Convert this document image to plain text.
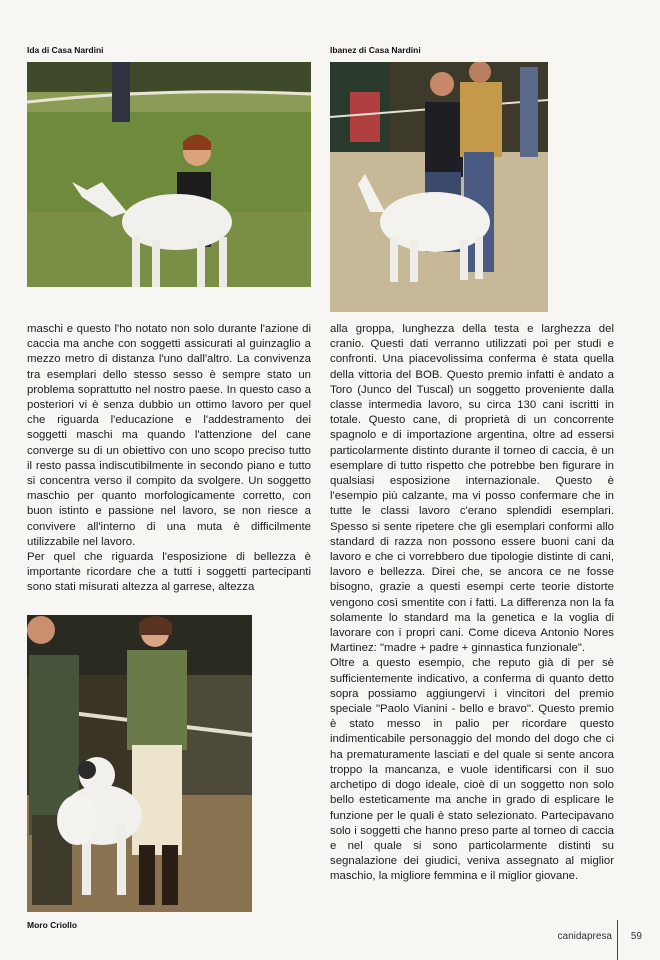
Ida di Casa Nardini	Ibanez di Casa Nardini

maschi e questo l'ho notato non solo durante l'azione di caccia ma anche con soggetti assicurati al guinzaglio a mezzo metro di distanza l'uno dall'altro. La convivenza tra esemplari dello stesso sesso è sempre stato un problema soprattutto nel nostro paese. In questo caso a posteriori vi è senza dubbio un ottimo lavoro per quel che riguarda l'educazione e l'addestramento dei soggetti maschi ma quando l'attenzione del cane converge su di un obiettivo con uno scopo preciso tutto il resto passa indiscutibilmente in secondo piano e tutto si concentra verso il compito da svolgere. Un soggetto maschio per quanto morfologicamente corretto, con buon istinto e passione nel lavoro, se non riesce a convivere all'interno di una muta è difficilmente utilizzabile nel lavoro.

Per quel che riguarda l'esposizione di bellezza è importante ricordare che a tutti i soggetti partecipanti sono stati misurati altezza al garrese, altezza

Moro Criollo

alla groppa, lunghezza della testa e larghezza del cranio. Questi dati verranno utilizzati poi per studi e confronti. Una piacevolissima conferma è stata quella della vittoria del BOB. Questo premio infatti è andato a Toro (Junco del Tuscal) un soggetto proveniente dalla classe intermedia lavoro, su circa 130 cani iscritti in totale. Questo cane, di proprietà di un concorrente spagnolo e di importazione argentina, oltre ad essersi particolarmente distinto durante il torneo di caccia, è un esemplare di tutto rispetto che potrebbe ben figurare in qualsiasi esposizione internazionale. Questo è l'esempio più calzante, ma vi posso confermare che in tutte le classi lavoro c'erano splendidi esemplari. Spesso si sente ripetere che gli esemplari conformi allo standard di razza non possono essere buoni cani da lavoro e che ci vorrebbero due tipologie distinte di cani, lavoro e bellezza. Direi che, se ancora ce ne fosse bisogno, grazie a questi esempi certe teorie distorte vengono così smentite con i fatti. La differenza non la fa solamente lo standard ma la genetica e la voglia di lavorare con i propri cani. Come diceva Antonio Nores Martinez: "madre + padre + ginnastica funzionale".

Oltre a questo esempio, che reputo già di per sè sufficientemente indicativo, a conferma di quanto detto sopra possiamo aggiungervi i vincitori del premio speciale "Paolo Vianini - bello e bravo". Questo premio è stato messo in palio per ricordare questo indimenticabile personaggio del mondo del dogo che ci ha prematuramente lasciati e del quale si sente ancora troppo la mancanza, e vuole identificarsi con il suo archetipo di dogo ideale, cioè di un soggetto non solo bello esteticamente ma anche in grado di esplicare le funzione per le quali è stato selezionato. Partecipavano solo i soggetti che hanno preso parte al torneo di caccia e nel quale si sono particolarmente distinti su segnalazione dei giudici, veniva assegnato al miglior maschio, la migliore femmina e il miglior giovane.

canidapresa 59
